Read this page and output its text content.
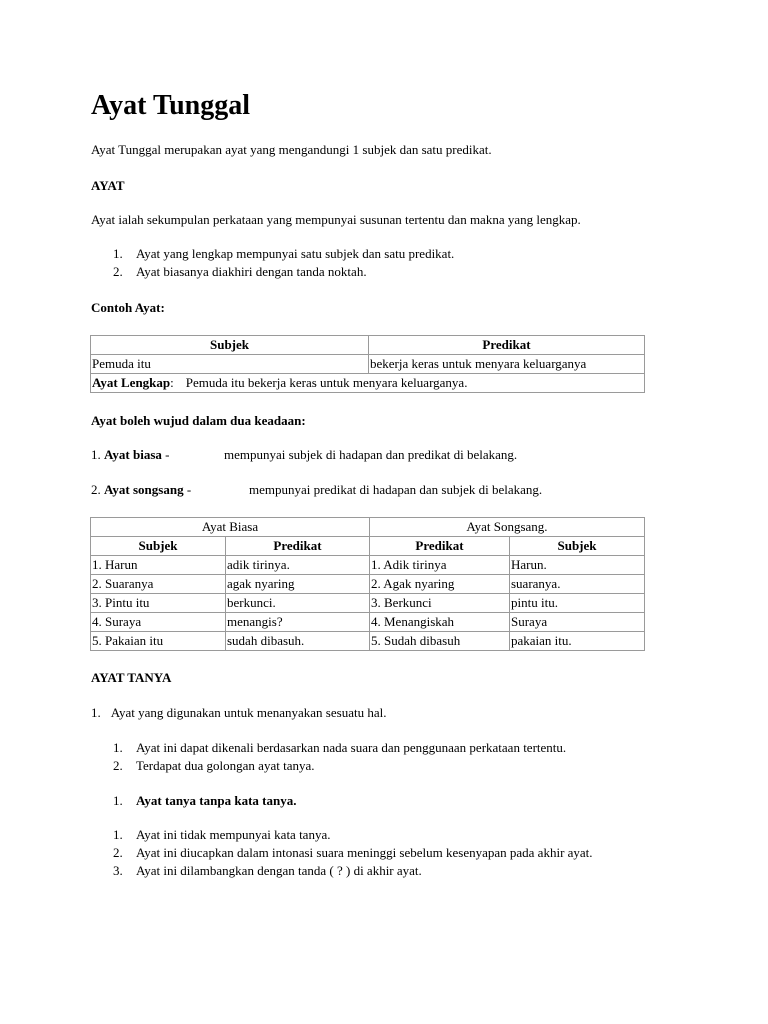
Ayat Tunggal

Ayat Tunggal merupakan ayat yang mengandungi 1 subjek dan satu predikat.

AYAT

Ayat ialah sekumpulan perkataan yang mempunyai susunan tertentu dan makna yang lengkap.

1. Ayat yang lengkap mempunyai satu subjek dan satu predikat.
2. Ayat biasanya diakhiri dengan tanda noktah.

Contoh Ayat:

Subjek	Predikat
Pemuda itu	bekerja keras untuk menyara keluarganya
Ayat Lengkap: Pemuda itu bekerja keras untuk menyara keluarganya.	

Ayat boleh wujud dalam dua keadaan:

1. Ayat biasa -	mempunyai subjek di hadapan dan predikat di belakang.

2. Ayat songsang -	mempunyai predikat di hadapan dan subjek di belakang.

Ayat Biasa		Ayat Songsang.	
Subjek	Predikat	Predikat	Subjek
1. Harun	adik tirinya.	1. Adik tirinya	Harun.
2. Suaranya	agak nyaring	2. Agak nyaring	suaranya.
3. Pintu itu	berkunci.	3. Berkunci	pintu itu.
4. Suraya	menangis?	4. Menangiskah	Suraya
5. Pakaian itu	sudah dibasuh.	5. Sudah dibasuh	pakaian itu.

AYAT TANYA

1. Ayat yang digunakan untuk menanyakan sesuatu hal.

1. Ayat ini dapat dikenali berdasarkan nada suara dan penggunaan perkataan tertentu.
2. Terdapat dua golongan ayat tanya.
1. Ayat tanya tanpa kata tanya.
1. Ayat ini tidak mempunyai kata tanya.
2. Ayat ini diucapkan dalam intonasi suara meninggi sebelum kesenyapan pada akhir ayat.
3. Ayat ini dilambangkan dengan tanda ( ? ) di akhir ayat.
